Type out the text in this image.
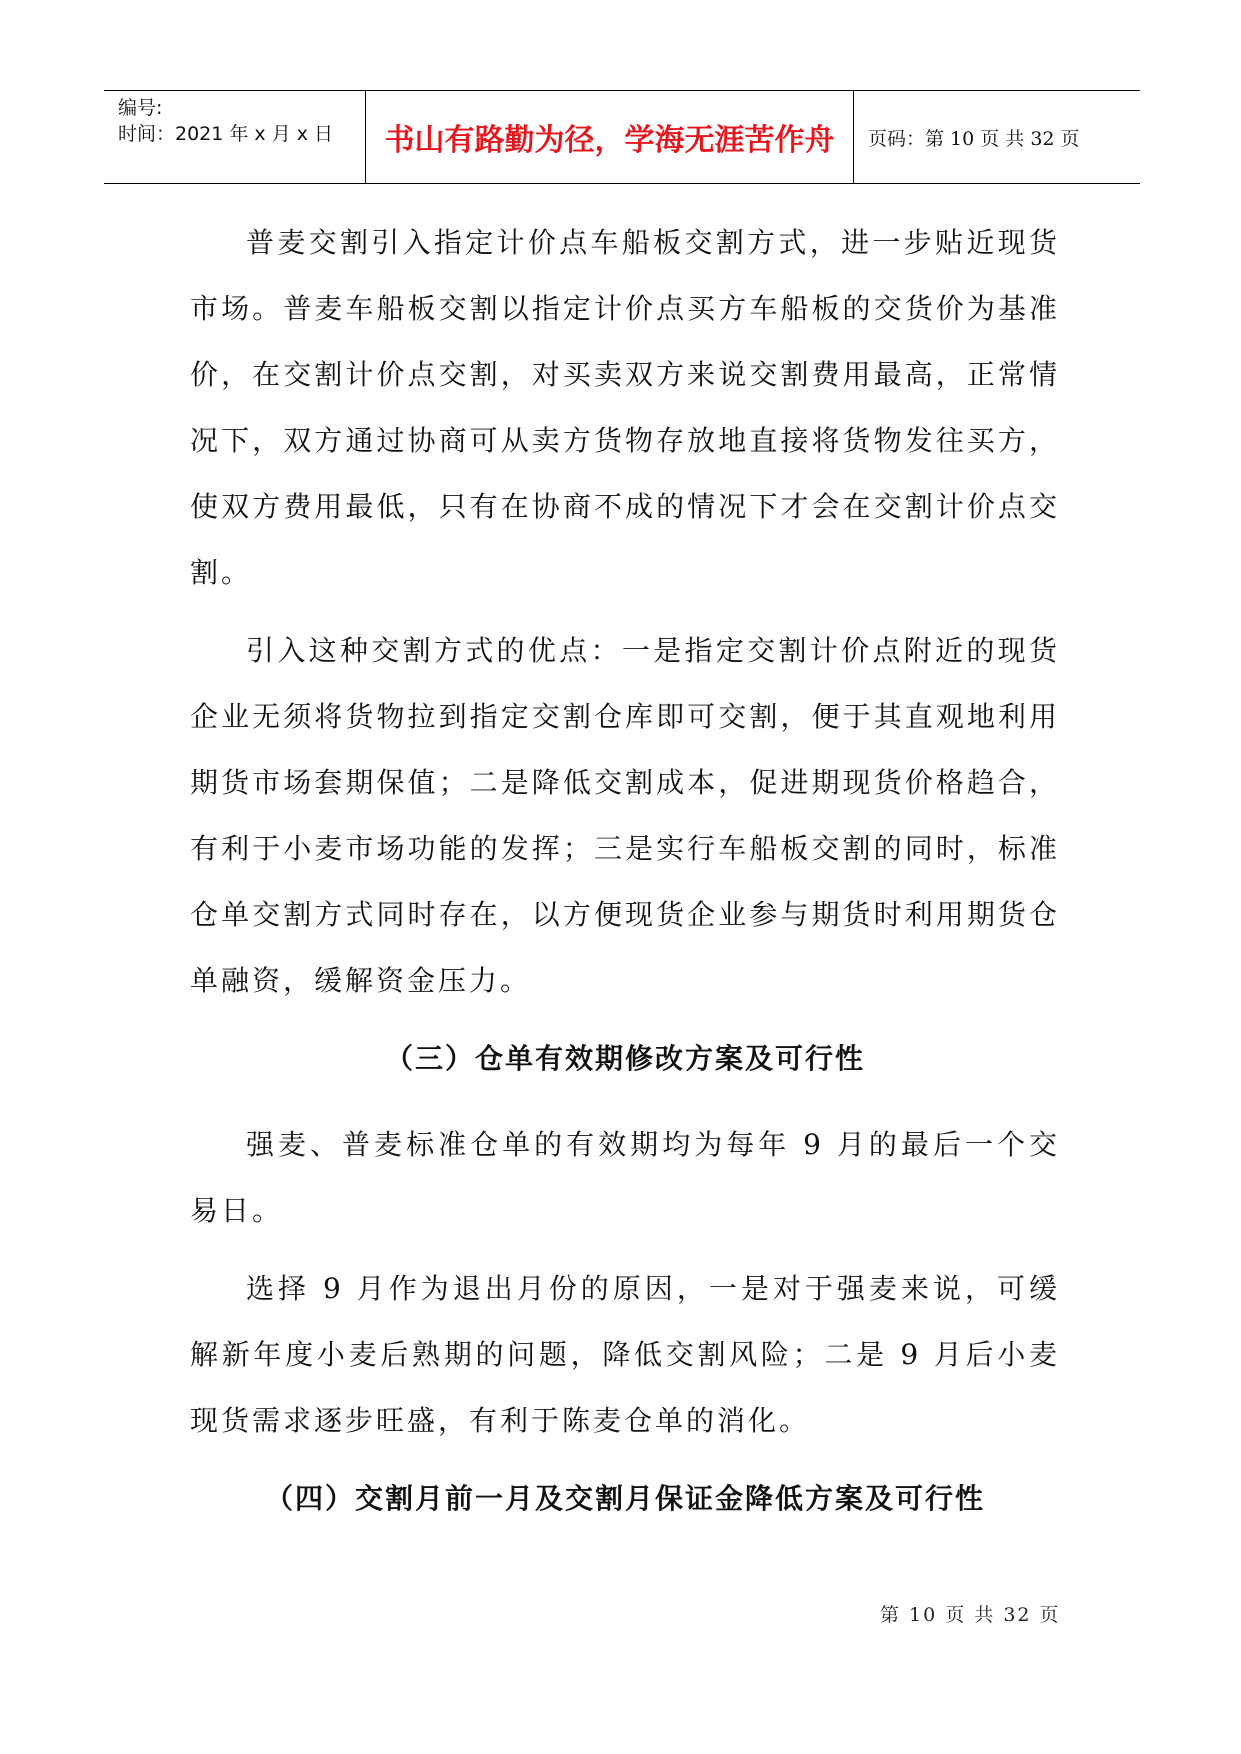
编号:
时间：2021 年 x 月 x 日	书山有路勤为径，学海无涯苦作舟	页码：第 10 页 共 32 页

普麦交割引入指定计价点车船板交割方式，进一步贴近现货市场。普麦车船板交割以指定计价点买方车船板的交货价为基准价，在交割计价点交割，对买卖双方来说交割费用最高，正常情况下，双方通过协商可从卖方货物存放地直接将货物发往买方，使双方费用最低，只有在协商不成的情况下才会在交割计价点交割。

引入这种交割方式的优点：一是指定交割计价点附近的现货企业无须将货物拉到指定交割仓库即可交割，便于其直观地利用期货市场套期保值；二是降低交割成本，促进期现货价格趋合，有利于小麦市场功能的发挥；三是实行车船板交割的同时，标准仓单交割方式同时存在，以方便现货企业参与期货时利用期货仓单融资，缓解资金压力。

（三）仓单有效期修改方案及可行性

强麦、普麦标准仓单的有效期均为每年 9 月的最后一个交易日。

选择 9 月作为退出月份的原因，一是对于强麦来说，可缓解新年度小麦后熟期的问题，降低交割风险；二是 9 月后小麦现货需求逐步旺盛，有利于陈麦仓单的消化。

（四）交割月前一月及交割月保证金降低方案及可行性
第 10 页 共 32 页
